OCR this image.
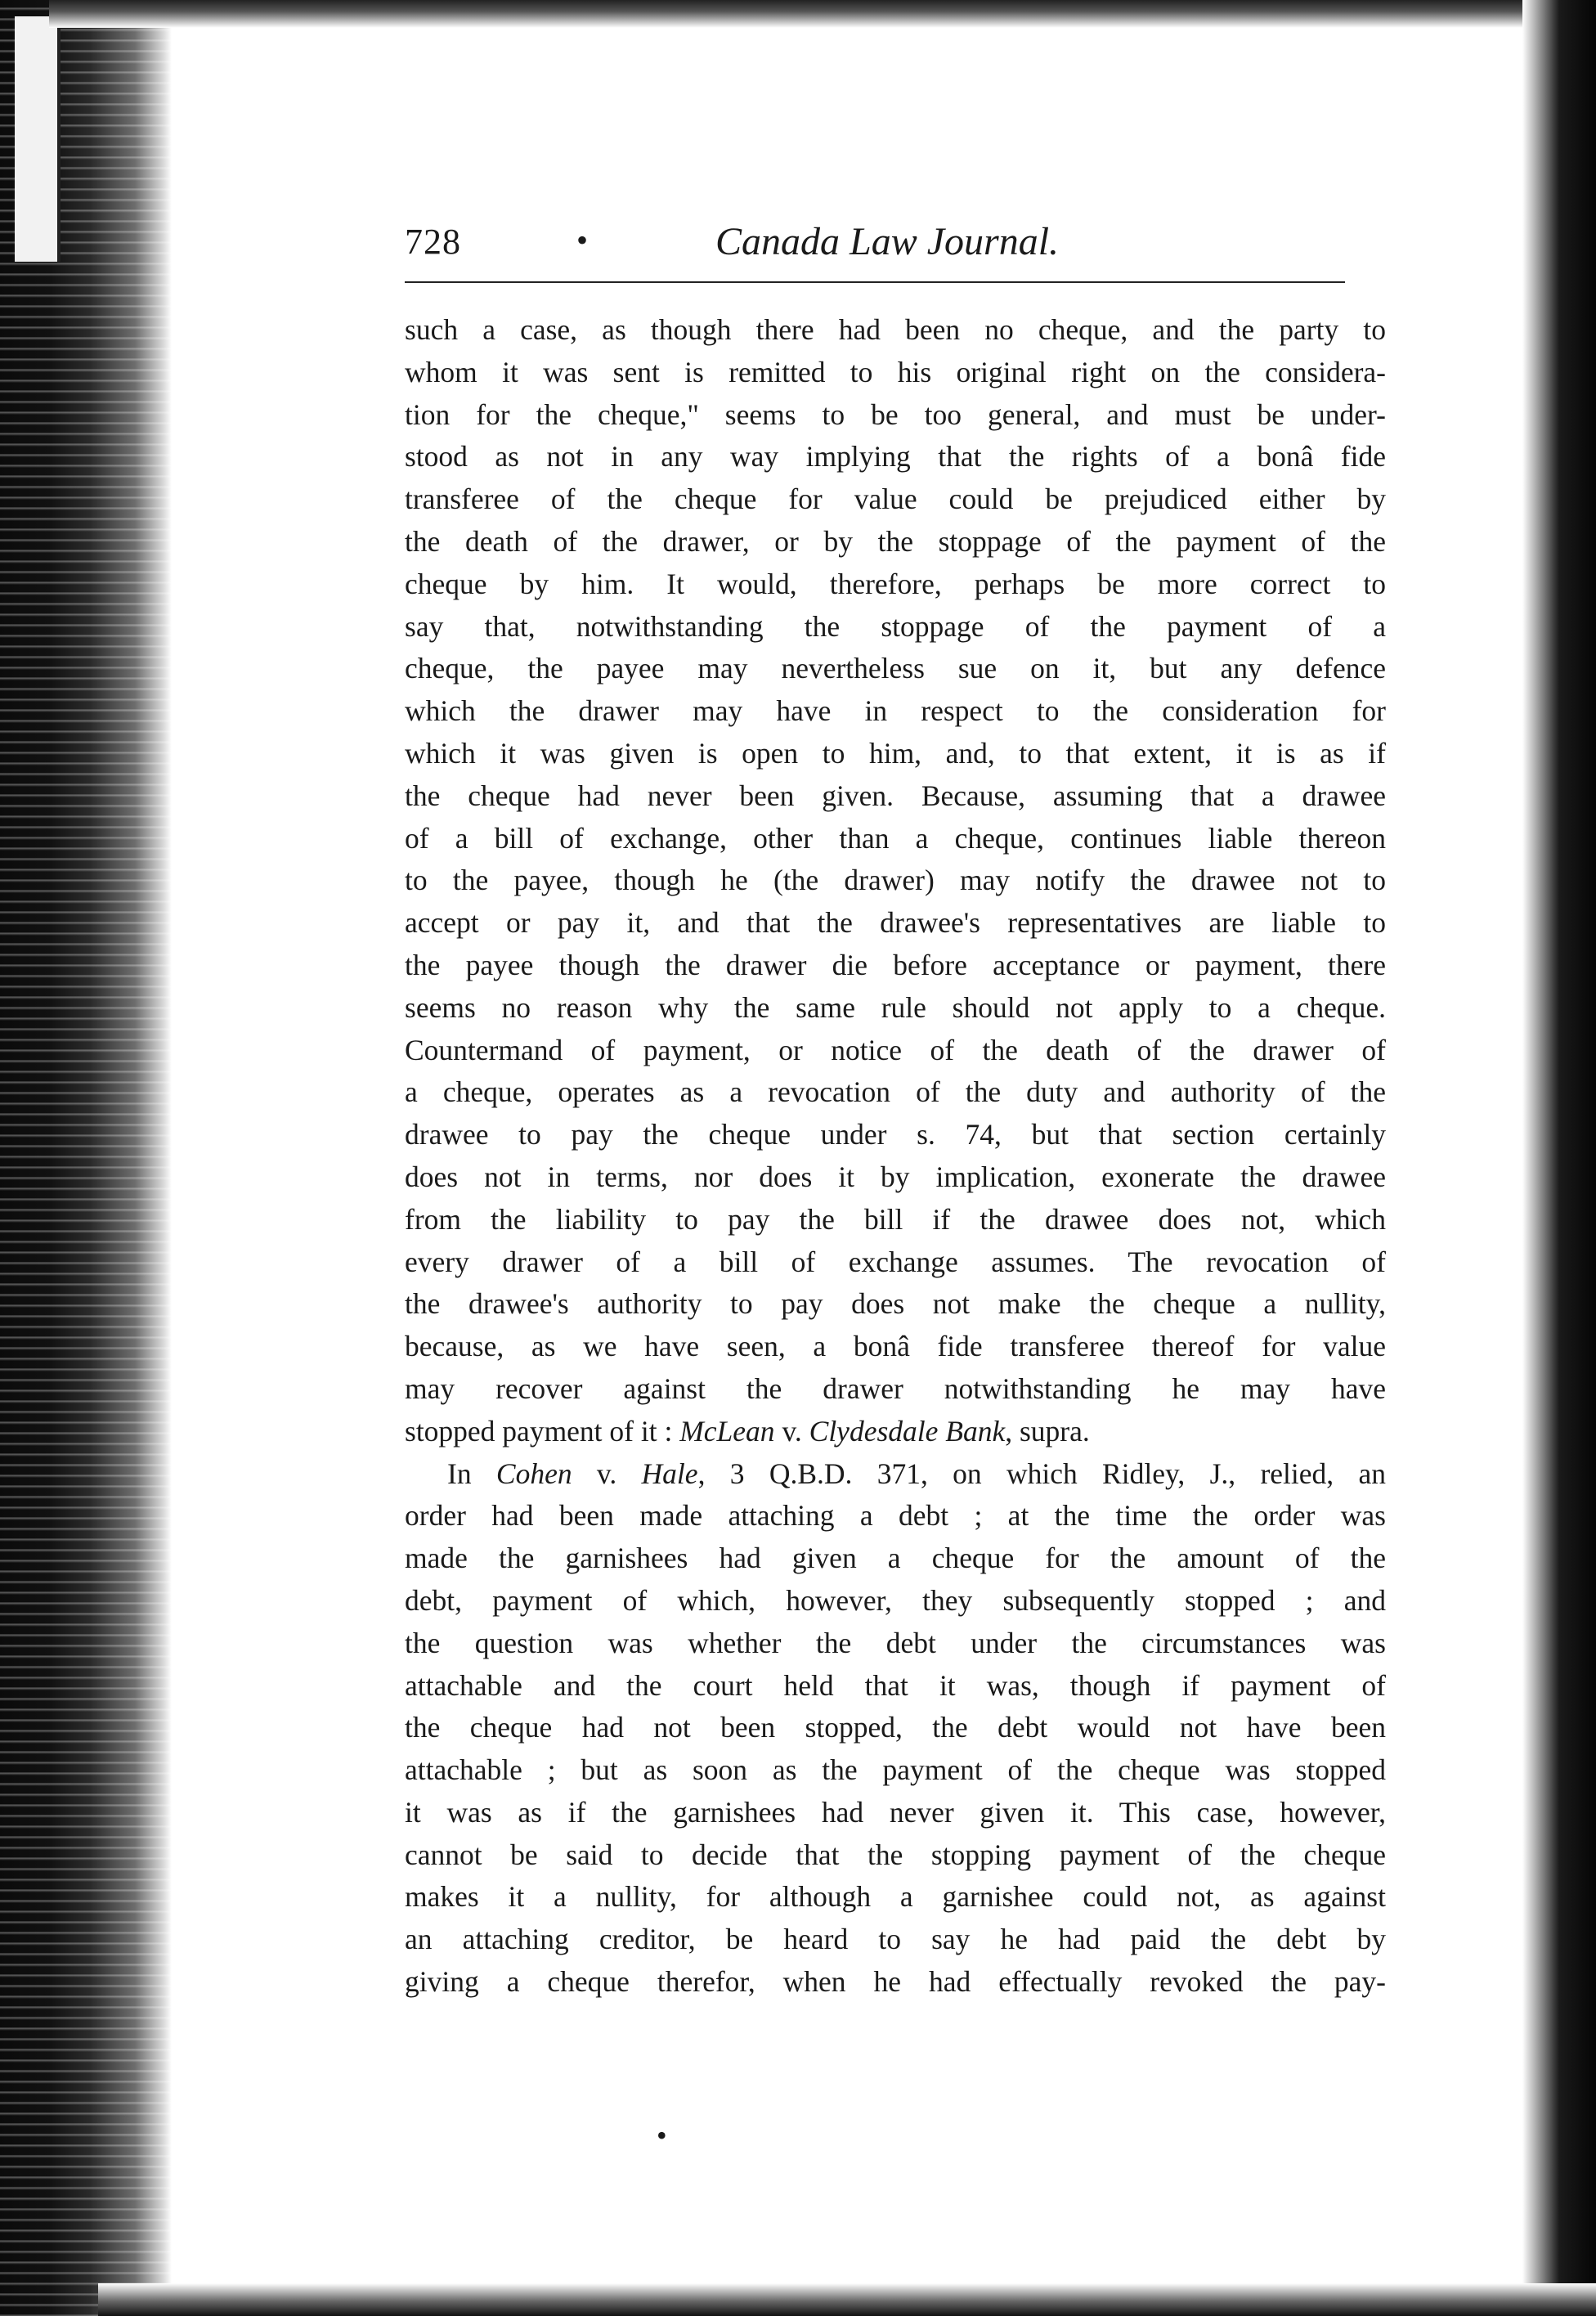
728	•	Canada Law Journal.
such a case, as though there had been no cheque, and the party to
whom it was sent is remitted to his original right on the considera-
tion for the cheque," seems to be too general, and must be under-
stood as not in any way implying that the rights of a bonâ fide
transferee of the cheque for value could be prejudiced either by
the death of the drawer, or by the stoppage of the payment of the
cheque by him. It would, therefore, perhaps be more correct to
say that, notwithstanding the stoppage of the payment of a
cheque, the payee may nevertheless sue on it, but any defence
which the drawer may have in respect to the consideration for
which it was given is open to him, and, to that extent, it is as if
the cheque had never been given. Because, assuming that a drawee
of a bill of exchange, other than a cheque, continues liable thereon
to the payee, though he (the drawer) may notify the drawee not to
accept or pay it, and that the drawee's representatives are liable to
the payee though the drawer die before acceptance or payment, there
seems no reason why the same rule should not apply to a cheque.
Countermand of payment, or notice of the death of the drawer of
a cheque, operates as a revocation of the duty and authority of the
drawee to pay the cheque under s. 74, but that section certainly
does not in terms, nor does it by implication, exonerate the drawee
from the liability to pay the bill if the drawee does not, which
every drawer of a bill of exchange assumes. The revocation of
the drawee's authority to pay does not make the cheque a nullity,
because, as we have seen, a bonâ fide transferee thereof for value
may recover against the drawer notwithstanding he may have
stopped payment of it : McLean v. Clydesdale Bank, supra.
In Cohen v. Hale, 3 Q.B.D. 371, on which Ridley, J., relied, an
order had been made attaching a debt ; at the time the order was
made the garnishees had given a cheque for the amount of the
debt, payment of which, however, they subsequently stopped ; and
the question was whether the debt under the circumstances was
attachable and the court held that it was, though if payment of
the cheque had not been stopped, the debt would not have been
attachable ; but as soon as the payment of the cheque was stopped
it was as if the garnishees had never given it. This case, however,
cannot be said to decide that the stopping payment of the cheque
makes it a nullity, for although a garnishee could not, as against
an attaching creditor, be heard to say he had paid the debt by
giving a cheque therefor, when he had effectually revoked the pay-
•
